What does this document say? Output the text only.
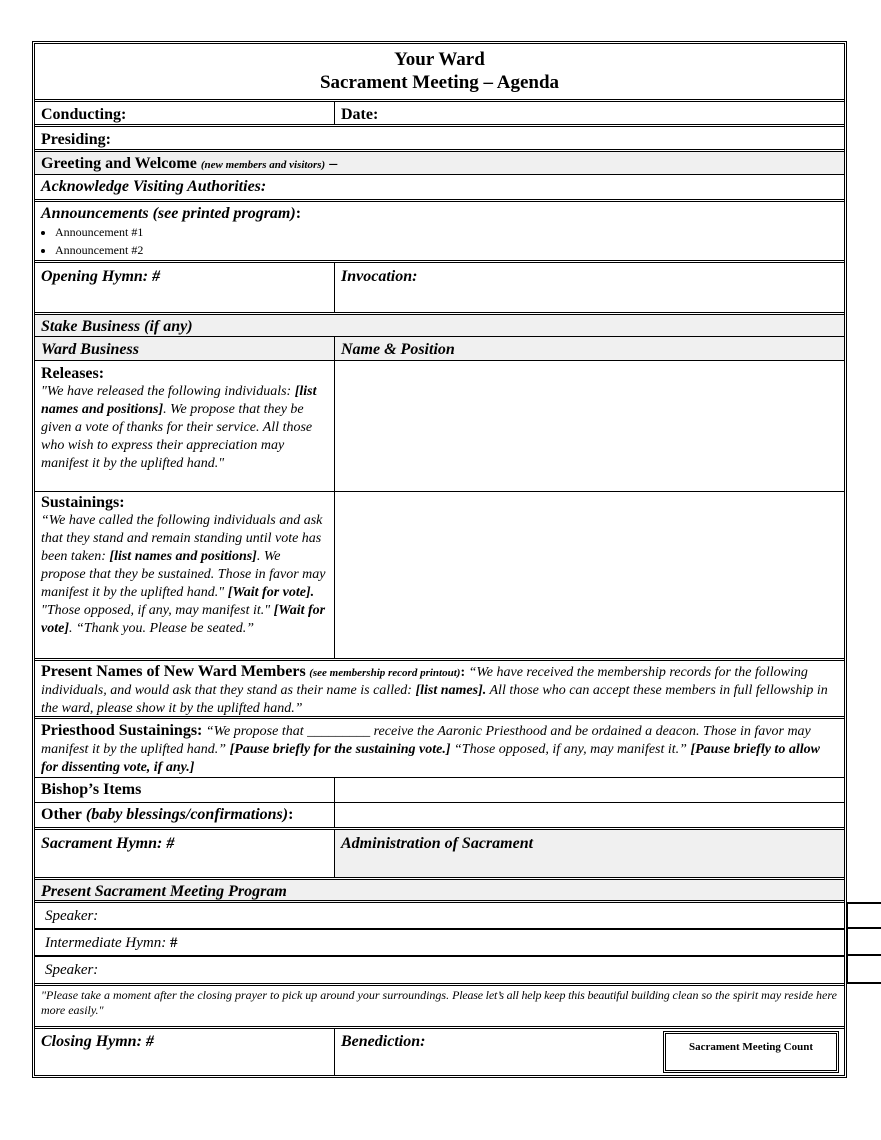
Your Ward
Sacrament Meeting – Agenda
Conducting:	Date:
Presiding:
Greeting and Welcome (new members and visitors) –
Acknowledge Visiting Authorities:
Announcements (see printed program):
• Announcement #1
• Announcement #2
Opening Hymn: #	Invocation:
Stake Business (if any)
Ward Business	Name & Position
Releases:
"We have released the following individuals: [list names and positions]. We propose that they be given a vote of thanks for their service. All those who wish to express their appreciation may manifest it by the uplifted hand."
Sustainings:
“We have called the following individuals and ask that they stand and remain standing until vote has been taken: [list names and positions]. We propose that they be sustained. Those in favor may manifest it by the uplifted hand." [Wait for vote]. "Those opposed, if any, may manifest it." [Wait for vote]. “Thank you. Please be seated.”
Present Names of New Ward Members (see membership record printout): “We have received the membership records for the following individuals, and would ask that they stand as their name is called: [list names]. All those who can accept these members in full fellowship in the ward, please show it by the uplifted hand.”
Priesthood Sustainings: “We propose that _________ receive the Aaronic Priesthood and be ordained a deacon. Those in favor may manifest it by the uplifted hand.” [Pause briefly for the sustaining vote.] “Those opposed, if any, may manifest it.” [Pause briefly to allow for dissenting vote, if any.]
Bishop’s Items
Other (baby blessings/confirmations):
Sacrament Hymn: #	Administration of Sacrament
Present Sacrament Meeting Program
Speaker:
Intermediate Hymn: #
Speaker:
"Please take a moment after the closing prayer to pick up around your surroundings. Please let’s all help keep this beautiful building clean so the spirit may reside here more easily."
Closing Hymn: #	Benediction:	Sacrament Meeting Count
